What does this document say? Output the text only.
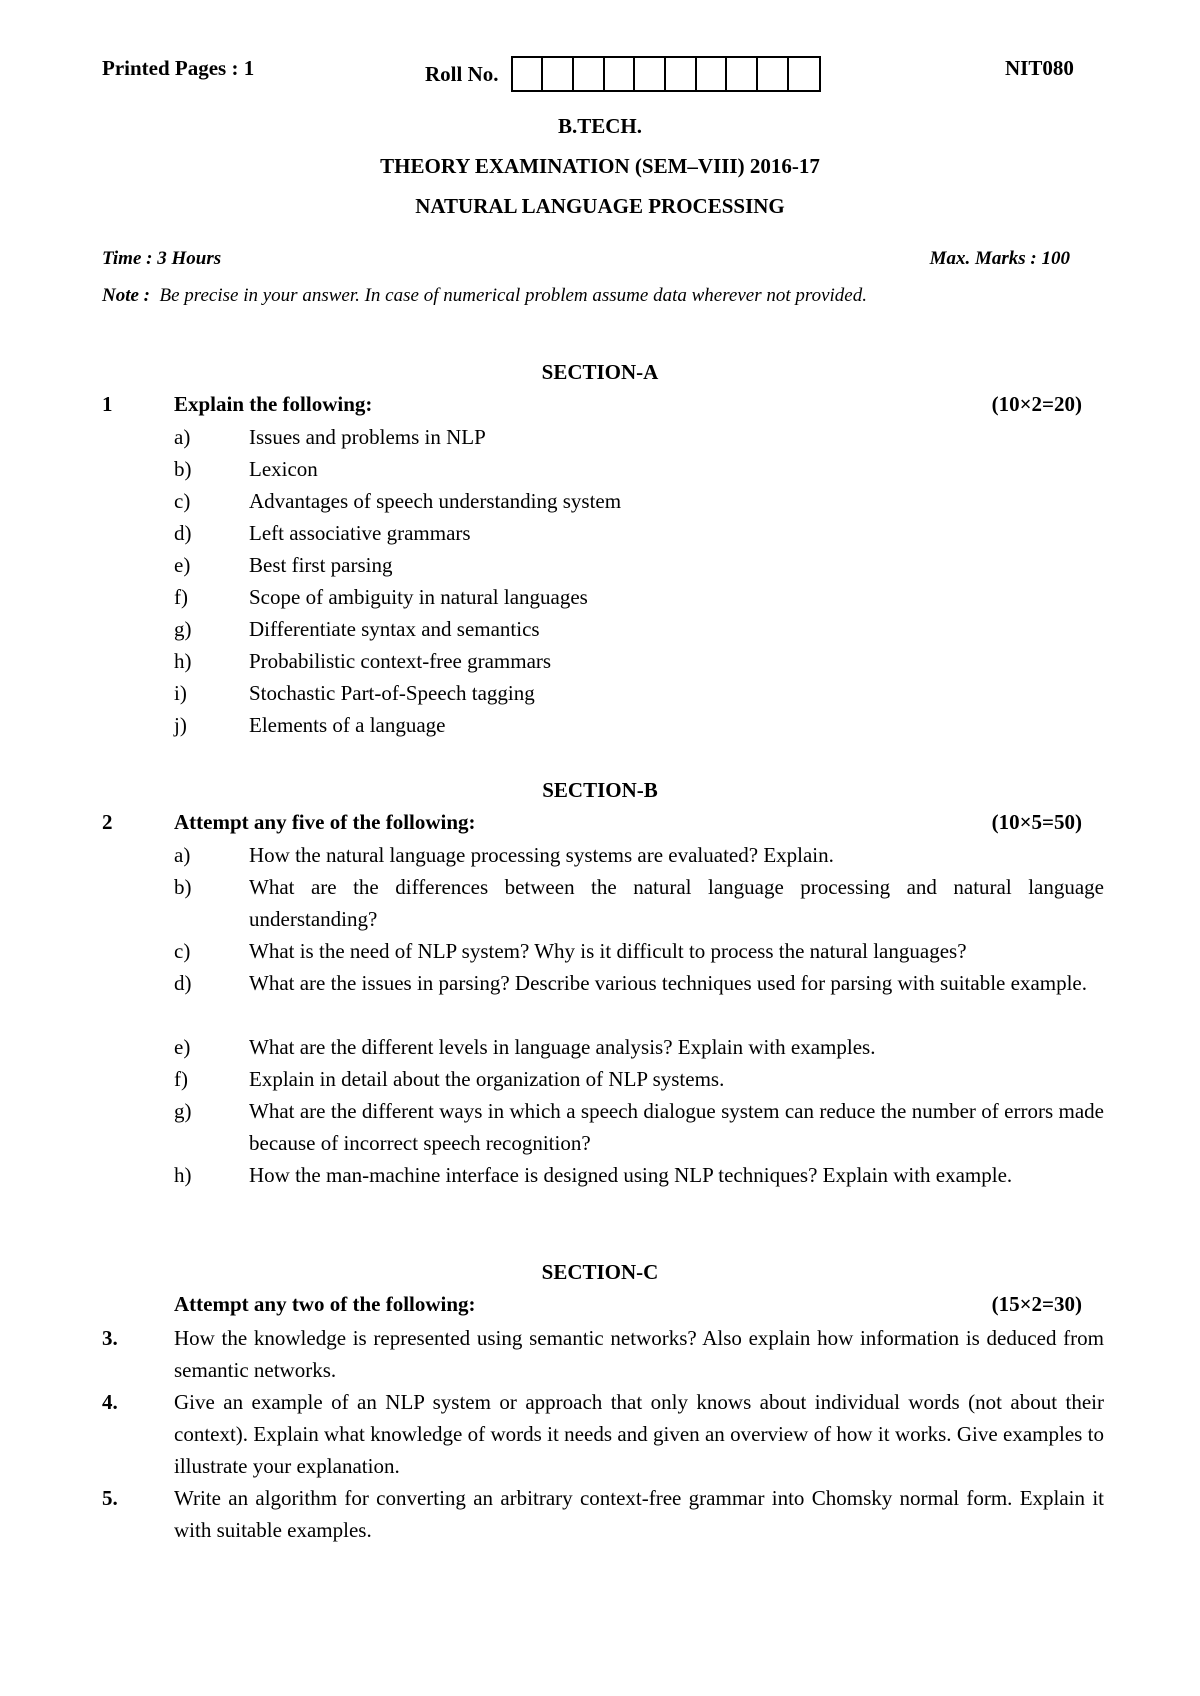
Printed Pages : 1	Roll No.	NIT080
B.TECH.
THEORY EXAMINATION (SEM–VIII) 2016-17
NATURAL LANGUAGE PROCESSING
Time : 3 Hours	Max. Marks : 100
Note : Be precise in your answer. In case of numerical problem assume data wherever not provided.
SECTION-A
1	Explain the following:	(10×2=20)
a)	Issues and problems in NLP
b)	Lexicon
c)	Advantages of speech understanding system
d)	Left associative grammars
e)	Best first parsing
f)	Scope of ambiguity in natural languages
g)	Differentiate syntax and semantics
h)	Probabilistic context-free grammars
i)	Stochastic Part-of-Speech tagging
j)	Elements of a language
SECTION-B
2	Attempt any five of the following:	(10×5=50)
a)	How the natural language processing systems are evaluated? Explain.
b)	What are the differences between the natural language processing and natural language understanding?
c)	What is the need of NLP system? Why is it difficult to process the natural languages?
d)	What are the issues in parsing? Describe various techniques used for parsing with suitable example.
e)	What are the different levels in language analysis? Explain with examples.
f)	Explain in detail about the organization of NLP systems.
g)	What are the different ways in which a speech dialogue system can reduce the number of errors made because of incorrect speech recognition?
h)	How the man-machine interface is designed using NLP techniques? Explain with example.
SECTION-C
Attempt any two of the following:	(15×2=30)
3.	How the knowledge is represented using semantic networks? Also explain how information is deduced from semantic networks.
4.	Give an example of an NLP system or approach that only knows about individual words (not about their context). Explain what knowledge of words it needs and given an overview of how it works. Give examples to illustrate your explanation.
5.	Write an algorithm for converting an arbitrary context-free grammar into Chomsky normal form. Explain it with suitable examples.
